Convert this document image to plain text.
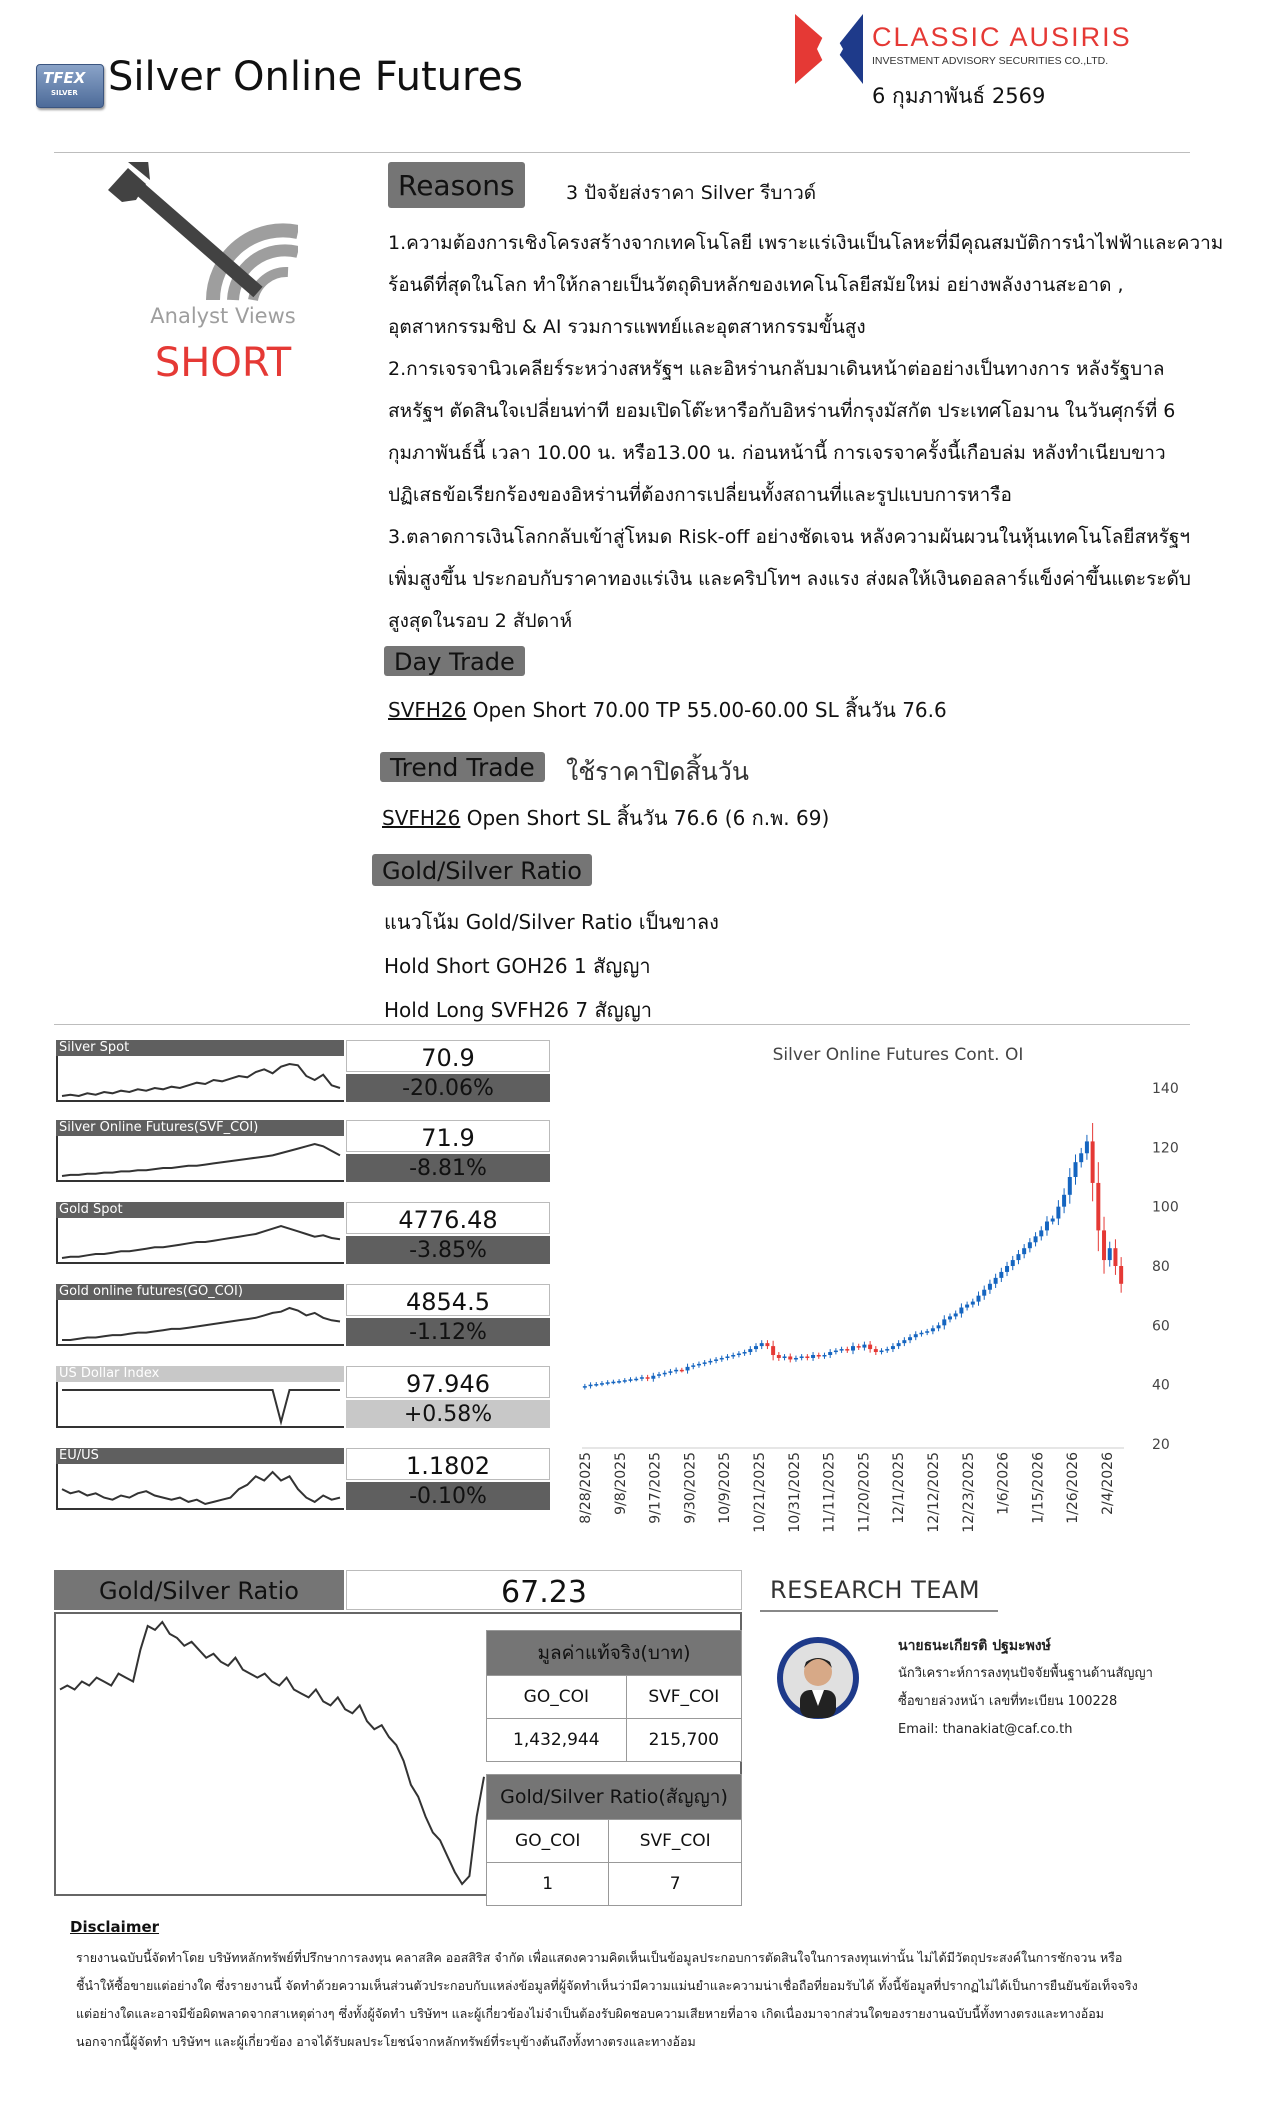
TFEX
SILVER Silver Online Futures
CLASSIC AUSIRIS
INVESTMENT ADVISORY SECURITIES CO.,LTD.
6 กุมภาพันธ์ 2569
Analyst Views
SHORT
Reasons	3 ปัจจัยส่งราคา Silver รีบาวด์

1.ความต้องการเชิงโครงสร้างจากเทคโนโลยี เพราะแร่เงินเป็นโลหะที่มีคุณสมบัติการนำไฟฟ้าและความ

ร้อนดีที่สุดในโลก ทำให้กลายเป็นวัตถุดิบหลักของเทคโนโลยีสมัยใหม่ อย่างพลังงานสะอาด ,

อุตสาหกรรมชิป & AI รวมการแพทย์และอุตสาหกรรมขั้นสูง

2.การเจรจานิวเคลียร์ระหว่างสหรัฐฯ และอิหร่านกลับมาเดินหน้าต่ออย่างเป็นทางการ หลังรัฐบาล

สหรัฐฯ ตัดสินใจเปลี่ยนท่าที ยอมเปิดโต๊ะหารือกับอิหร่านที่กรุงมัสกัต ประเทศโอมาน ในวันศุกร์ที่ 6

กุมภาพันธ์นี้ เวลา 10.00 น. หรือ13.00 น. ก่อนหน้านี้ การเจรจาครั้งนี้เกือบล่ม หลังทำเนียบขาว

ปฏิเสธข้อเรียกร้องของอิหร่านที่ต้องการเปลี่ยนทั้งสถานที่และรูปแบบการหารือ

3.ตลาดการเงินโลกกลับเข้าสู่โหมด Risk-off อย่างชัดเจน หลังความผันผวนในหุ้นเทคโนโลยีสหรัฐฯ

เพิ่มสูงขึ้น ประกอบกับราคาทองแร่เงิน และคริปโทฯ ลงแรง ส่งผลให้เงินดอลลาร์แข็งค่าขึ้นแตะระดับ

สูงสุดในรอบ 2 สัปดาห์

Day Trade
SVFH26 Open Short 70.00 TP 55.00-60.00 SL สิ้นวัน 76.6
Trend Trade	ใช้ราคาปิดสิ้นวัน
SVFH26 Open Short SL สิ้นวัน 76.6 (6 ก.พ. 69)
Gold/Silver Ratio
แนวโน้ม Gold/Silver Ratio เป็นขาลง
Hold Short GOH26 1 สัญญา
Hold Long SVFH26 7 สัญญา
Silver Spot	70.9
-20.06%
Silver Online Futures(SVF_COI)	71.9
-8.81%
Gold Spot	4776.48
-3.85%
Gold online futures(GO_COI)	4854.5
-1.12%
US Dollar Index	97.946
+0.58%
EU/US	1.1802
-0.10%
Silver Online Futures Cont. OI
20
40
60
80
100
120
140
8/28/2025 9/8/2025 9/17/2025 9/30/2025 10/9/2025 10/21/2025 10/31/2025 11/11/2025 11/20/2025 12/1/2025 12/12/2025 12/23/2025 1/6/2026 1/15/2026 1/26/2026 2/4/2026
Gold/Silver Ratio	67.23
มูลค่าแท้จริง(บาท)	
GO_COI	SVF_COI
1,432,944	215,700
Gold/Silver Ratio(สัญญา)	
GO_COI	SVF_COI
1	7
RESEARCH TEAM
นายธนะเกียรติ ปฐมะพงษ์
นักวิเคราะห์การลงทุนปัจจัยพื้นฐานด้านสัญญา
ซื้อขายล่วงหน้า เลขที่ทะเบียน 100228
Email: thanakiat@caf.co.th
Disclaimer

รายงานฉบับนี้จัดทำโดย บริษัทหลักทรัพย์ที่ปรึกษาการลงทุน คลาสสิค ออสสิริส จำกัด เพื่อแสดงความคิดเห็นเป็นข้อมูลประกอบการตัดสินใจในการลงทุนเท่านั้น ไม่ได้มีวัตถุประสงค์ในการชักจวน หรือ

ชี้นำให้ซื้อขายแต่อย่างใด ซึ่งรายงานนี้ จัดทำด้วยความเห็นส่วนตัวประกอบกับแหล่งข้อมูลที่ผู้จัดทำเห็นว่ามีความแม่นยำและความน่าเชื่อถือที่ยอมรับได้ ทั้งนี้ข้อมูลที่ปรากฏไม่ได้เป็นการยืนยันข้อเท็จจริง

แต่อย่างใดและอาจมีข้อผิดพลาดจากสาเหตุต่างๆ ซึ่งทั้งผู้จัดทำ บริษัทฯ และผู้เกี่ยวข้องไม่จำเป็นต้องรับผิดชอบความเสียหายที่อาจ เกิดเนื่องมาจากส่วนใดของรายงานฉบับนี้ทั้งทางตรงและทางอ้อม

นอกจากนี้ผู้จัดทำ บริษัทฯ และผู้เกี่ยวข้อง อาจได้รับผลประโยชน์จากหลักทรัพย์ที่ระบุข้างต้นถึงทั้งทางตรงและทางอ้อม
